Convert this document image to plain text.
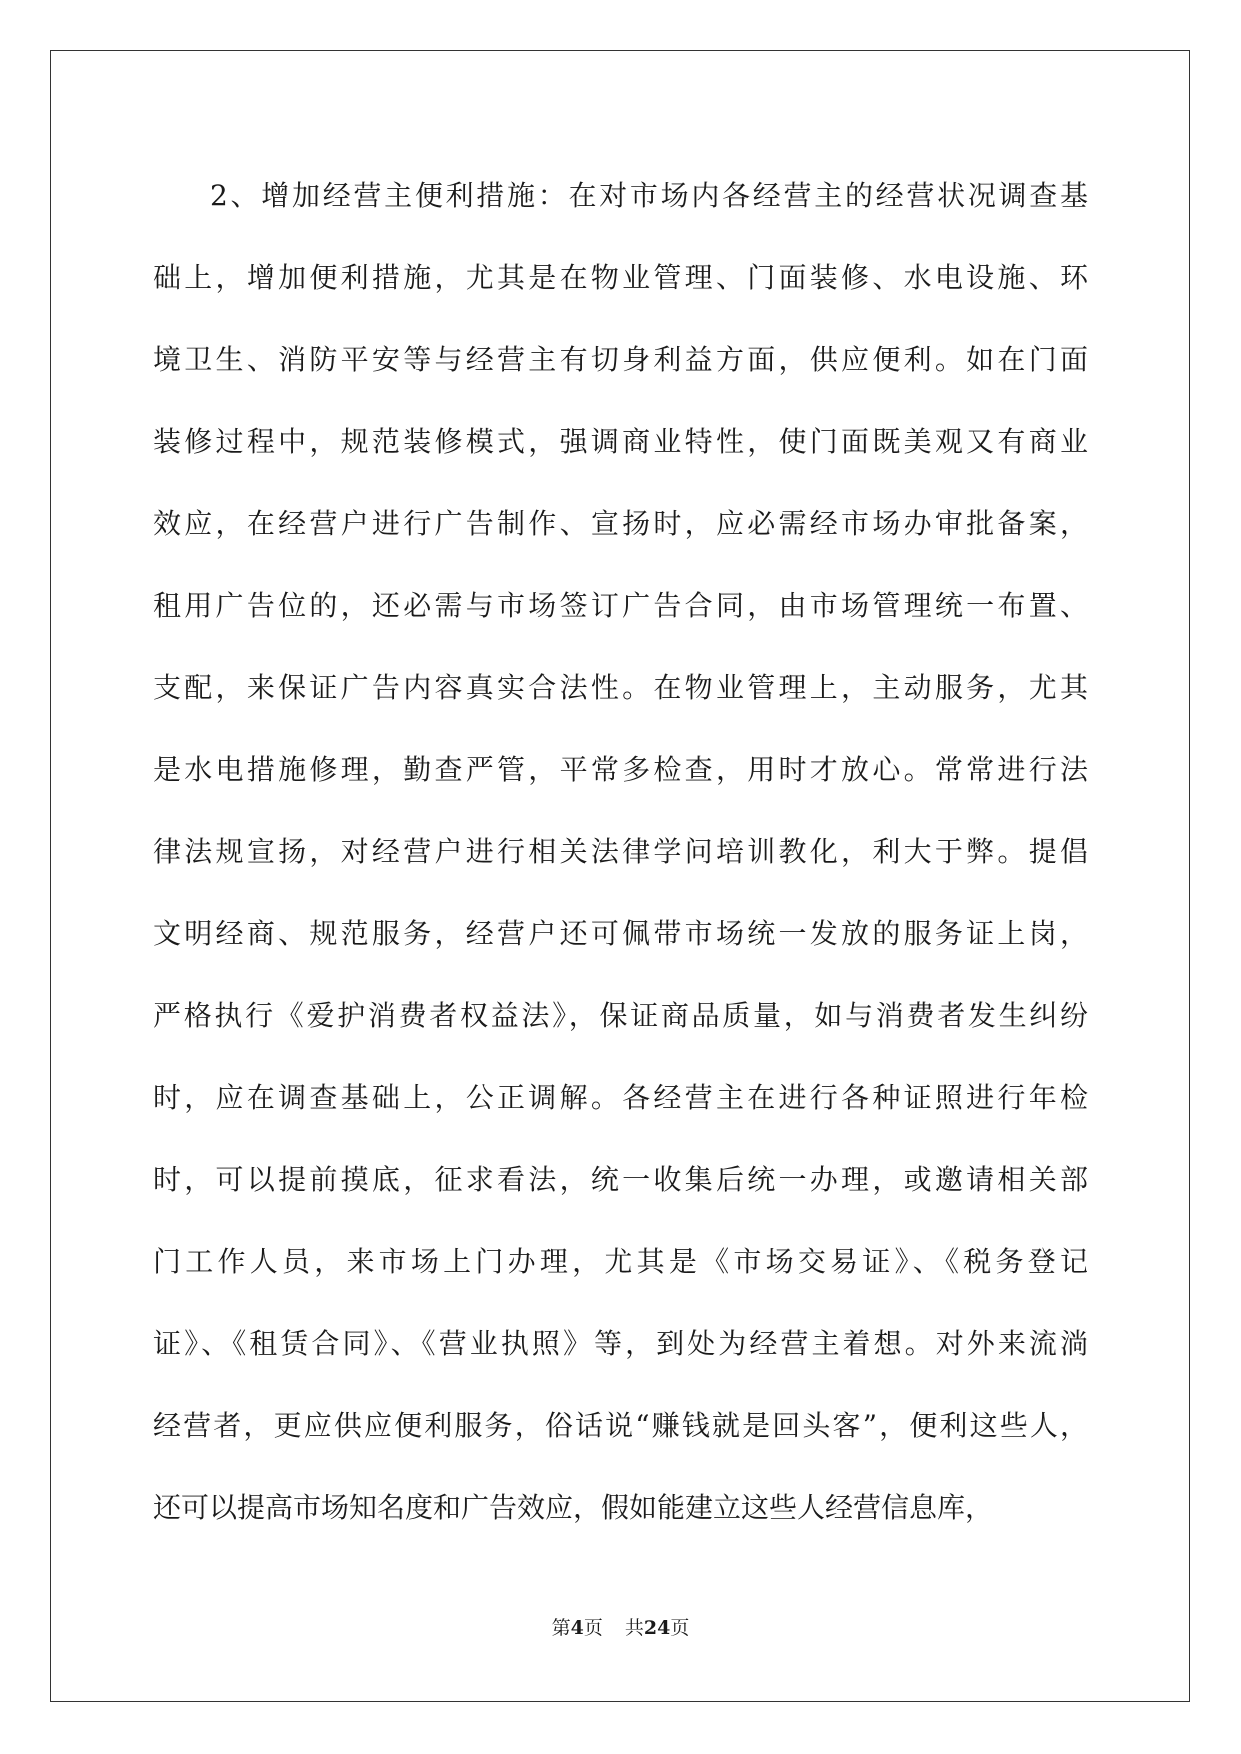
2、增加经营主便利措施：在对市场内各经营主的经营状况调查基
础上，增加便利措施，尤其是在物业管理、门面装修、水电设施、环
境卫生、消防平安等与经营主有切身利益方面，供应便利。如在门面
装修过程中，规范装修模式，强调商业特性，使门面既美观又有商业
效应，在经营户进行广告制作、宣扬时，应必需经市场办审批备案，
租用广告位的，还必需与市场签订广告合同，由市场管理统一布置、
支配，来保证广告内容真实合法性。在物业管理上，主动服务，尤其
是水电措施修理，勤查严管，平常多检查，用时才放心。常常进行法
律法规宣扬，对经营户进行相关法律学问培训教化，利大于弊。提倡
文明经商、规范服务，经营户还可佩带市场统一发放的服务证上岗，
严格执行《爱护消费者权益法》，保证商品质量，如与消费者发生纠纷
时，应在调查基础上，公正调解。各经营主在进行各种证照进行年检
时，可以提前摸底，征求看法，统一收集后统一办理，或邀请相关部
门工作人员，来市场上门办理，尤其是《市场交易证》、《税务登记
证》、《租赁合同》、《营业执照》等，到处为经营主着想。对外来流淌
经营者，更应供应便利服务，俗话说“赚钱就是回头客”，便利这些人，
还可以提高市场知名度和广告效应，假如能建立这些人经营信息库，
第4页 共24页
